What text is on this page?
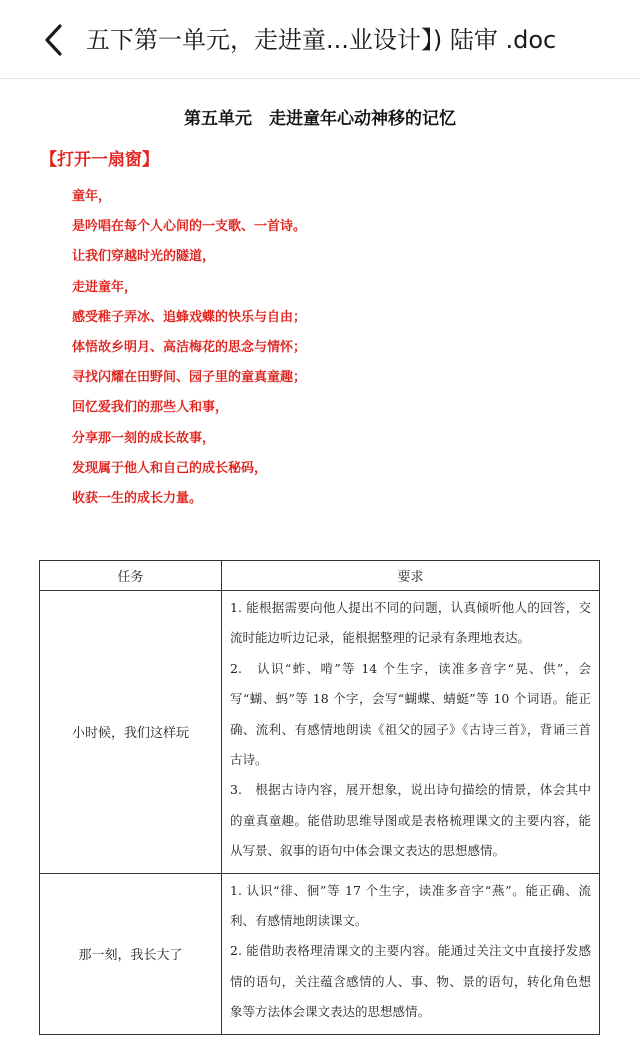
五下第一单元，走进童...业设计】) 陆审 .doc
第五单元　走进童年心动神移的记忆
【打开一扇窗】
童年，
是吟唱在每个人心间的一支歌、一首诗。
让我们穿越时光的隧道，
走进童年，
感受稚子弄冰、追蜂戏蝶的快乐与自由；
体悟故乡明月、高洁梅花的思念与情怀；
寻找闪耀在田野间、园子里的童真童趣；
回忆爱我们的那些人和事，
分享那一刻的成长故事，
发现属于他人和自己的成长秘码，
收获一生的成长力量。
任务	要求
小时候，我们这样玩	1. 能根据需要向他人提出不同的问题，认真倾听他人的回答，交流时能边听边记录，能根据整理的记录有条理地表达。

2.　认识“蚱、啃”等 14 个生字，读准多音字“晃、供”，会写“蝴、蚂”等 18 个字，会写“蝴蝶、蜻蜓”等 10 个词语。能正确、流利、有感情地朗读《祖父的园子》《古诗三首》，背诵三首古诗。

3.　根据古诗内容，展开想象，说出诗句描绘的情景，体会其中的童真童趣。能借助思维导图或是表格梳理课文的主要内容，能从写景、叙事的语句中体会课文表达的思想感情。

那一刻，我长大了	1. 认识“徘、徊”等 17 个生字，读准多音字“燕”。能正确、流利、有感情地朗读课文。

2. 能借助表格理清课文的主要内容。能通过关注文中直接抒发感情的语句，关注蕴含感情的人、事、物、景的语句，转化角色想象等方法体会课文表达的思想感情。
